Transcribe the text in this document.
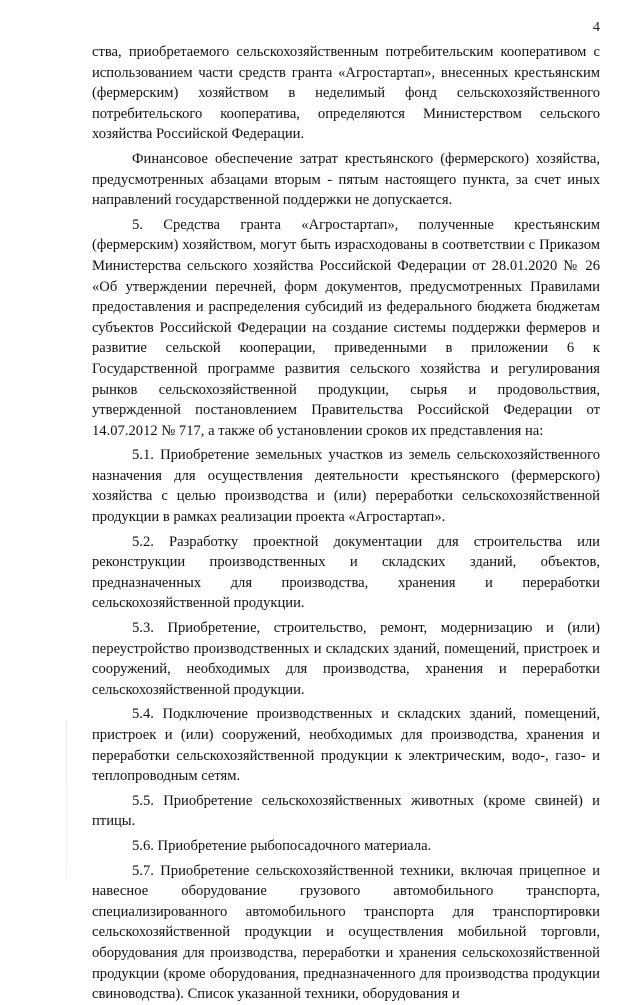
4

ства, приобретаемого сельскохозяйственным потребительским кооперативом с использованием части средств гранта «Агростартап», внесенных крестьянским (фермерским) хозяйством в неделимый фонд сельскохозяйственного потребительского кооператива, определяются Министерством сельского хозяйства Российской Федерации.

Финансовое обеспечение затрат крестьянского (фермерского) хозяйства, предусмотренных абзацами вторым - пятым настоящего пункта, за счет иных направлений государственной поддержки не допускается.

5. Средства гранта «Агростартап», полученные крестьянским (фермерским) хозяйством, могут быть израсходованы в соответствии с Приказом Министерства сельского хозяйства Российской Федерации от 28.01.2020 № 26 «Об утверждении перечней, форм документов, предусмотренных Правилами предоставления и распределения субсидий из федерального бюджета бюджетам субъектов Российской Федерации на создание системы поддержки фермеров и развитие сельской кооперации, приведенными в приложении 6 к Государственной программе развития сельского хозяйства и регулирования рынков сельскохозяйственной продукции, сырья и продовольствия, утвержденной постановлением Правительства Российской Федерации от 14.07.2012 № 717, а также об установлении сроков их представления на:

5.1. Приобретение земельных участков из земель сельскохозяйственного назначения для осуществления деятельности крестьянского (фермерского) хозяйства с целью производства и (или) переработки сельскохозяйственной продукции в рамках реализации проекта «Агростартап».

5.2. Разработку проектной документации для строительства или реконструкции производственных и складских зданий, объектов, предназначенных для производства, хранения и переработки сельскохозяйственной продукции.

5.3. Приобретение, строительство, ремонт, модернизацию и (или) переустройство производственных и складских зданий, помещений, пристроек и сооружений, необходимых для производства, хранения и переработки сельскохозяйственной продукции.

5.4. Подключение производственных и складских зданий, помещений, пристроек и (или) сооружений, необходимых для производства, хранения и переработки сельскохозяйственной продукции к электрическим, водо-, газо- и теплопроводным сетям.

5.5. Приобретение сельскохозяйственных животных (кроме свиней) и птицы.

5.6. Приобретение рыбопосадочного материала.

5.7. Приобретение сельскохозяйственной техники, включая прицепное и навесное оборудование грузового автомобильного транспорта, специализированного автомобильного транспорта для транспортировки сельскохозяйственной продукции и осуществления мобильной торговли, оборудования для производства, переработки и хранения сельскохозяйственной продукции (кроме оборудования, предназначенного для производства продукции свиноводства). Список указанной техники, оборудования и
